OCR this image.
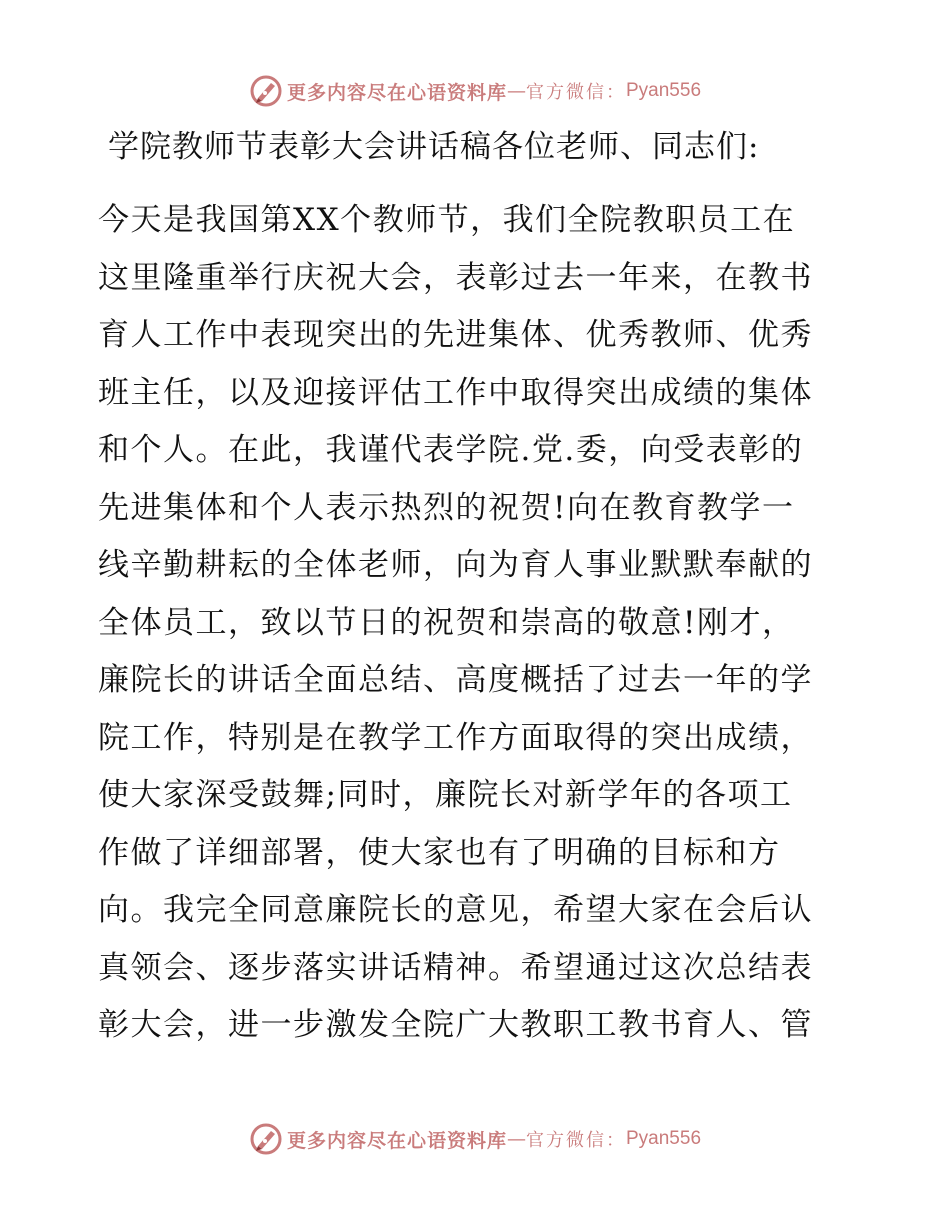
更多内容尽在心语资料库 — 官方微信： Pyan556
学院教师节表彰大会讲话稿各位老师、同志们:
今天是我国第XX个教师节，我们全院教职员工在
这里隆重举行庆祝大会，表彰过去一年来，在教书
育人工作中表现突出的先进集体、优秀教师、优秀
班主任，以及迎接评估工作中取得突出成绩的集体
和个人。在此，我谨代表学院.党.委，向受表彰的
先进集体和个人表示热烈的祝贺!向在教育教学一
线辛勤耕耘的全体老师，向为育人事业默默奉献的
全体员工，致以节日的祝贺和崇高的敬意!刚才，
廉院长的讲话全面总结、高度概括了过去一年的学
院工作，特别是在教学工作方面取得的突出成绩，
使大家深受鼓舞;同时，廉院长对新学年的各项工
作做了详细部署，使大家也有了明确的目标和方
向。我完全同意廉院长的意见，希望大家在会后认
真领会、逐步落实讲话精神。希望通过这次总结表
彰大会，进一步激发全院广大教职工教书育人、管
更多内容尽在心语资料库 — 官方微信： Pyan556
